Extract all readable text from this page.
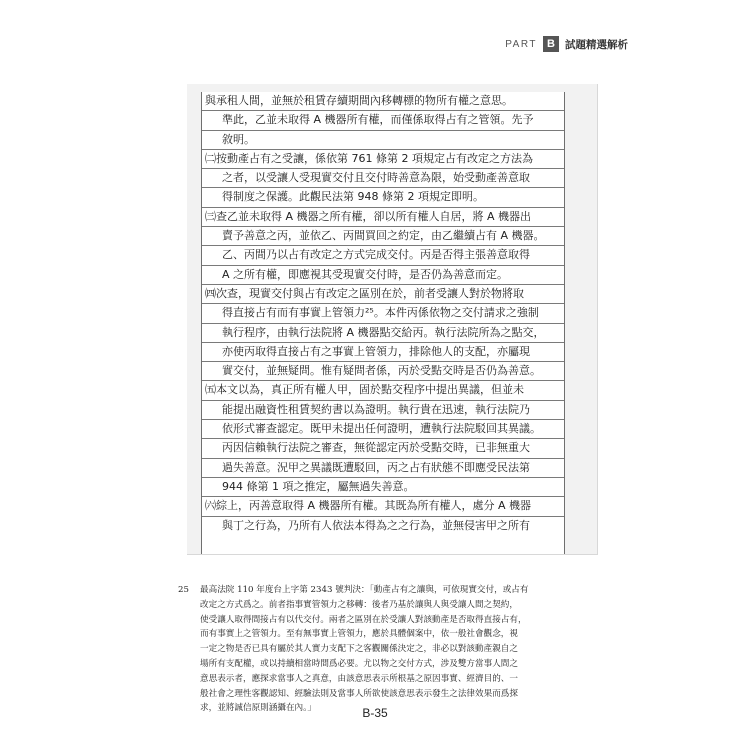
PART B 試題精選解析
與承租人間，並無於租賃存續期間內移轉標的物所有權之意思。
準此，乙並未取得 A 機器所有權，而僅係取得占有之管領。先予
敘明。
㈡按動產占有之受讓，係依第 761 條第 2 項規定占有改定之方法為
之者，以受讓人受現實交付且交付時善意為限，始受動產善意取
得制度之保護。此觀民法第 948 條第 2 項規定即明。
㈢查乙並未取得 A 機器之所有權，卻以所有權人自居，將 A 機器出
賣予善意之丙，並依乙、丙間買回之約定，由乙繼續占有 A 機器。
乙、丙間乃以占有改定之方式完成交付。丙是否得主張善意取得
A 之所有權，即應視其受現實交付時，是否仍為善意而定。
㈣次查，現實交付與占有改定之區別在於，前者受讓人對於物將取
得直接占有而有事實上管領力²⁵。本件丙係依物之交付請求之強制
執行程序，由執行法院將 A 機器點交給丙。執行法院所為之點交，
亦使丙取得直接占有之事實上管領力，排除他人的支配，亦屬現
實交付，並無疑問。惟有疑問者係，丙於受點交時是否仍為善意。
㈤本文以為，真正所有權人甲，固於點交程序中提出異議，但並未
能提出融資性租賃契約書以為證明。執行貴在迅速，執行法院乃
依形式審查認定。既甲未提出任何證明，遭執行法院駁回其異議。
丙因信賴執行法院之審查，無從認定丙於受點交時，已非無重大
過失善意。況甲之異議既遭駁回，丙之占有狀態不即應受民法第
944 條第 1 項之推定，屬無過失善意。
㈥綜上，丙善意取得 A 機器所有權。其既為所有權人，處分 A 機器
與丁之行為，乃所有人依法本得為之之行為，並無侵害甲之所有
25 最高法院 110 年度台上字第 2343 號判決：「動產占有之讓與，可依現實交付，或占有
改定之方式爲之。前者指事實管領力之移轉：後者乃基於讓與人與受讓人間之契約，
使受讓人取得間接占有以代交付。兩者之區別在於受讓人對該動產是否取得直接占有，
而有事實上之管領力。至有無事實上管領力，應於具體個案中，依一般社會觀念，視
一定之物是否已具有屬於其人實力支配下之客觀關係決定之，非必以對該動產親自之
場所有支配權，或以持續相當時間爲必要。尤以物之交付方式，涉及雙方當事人間之
意思表示者，應探求當事人之真意，由該意思表示所根基之原因事實、經濟目的、一
般社會之理性客觀認知、經驗法則及當事人所欲使該意思表示發生之法律效果而爲探
求，並將誠信原則涵攝在內。」	B-35
